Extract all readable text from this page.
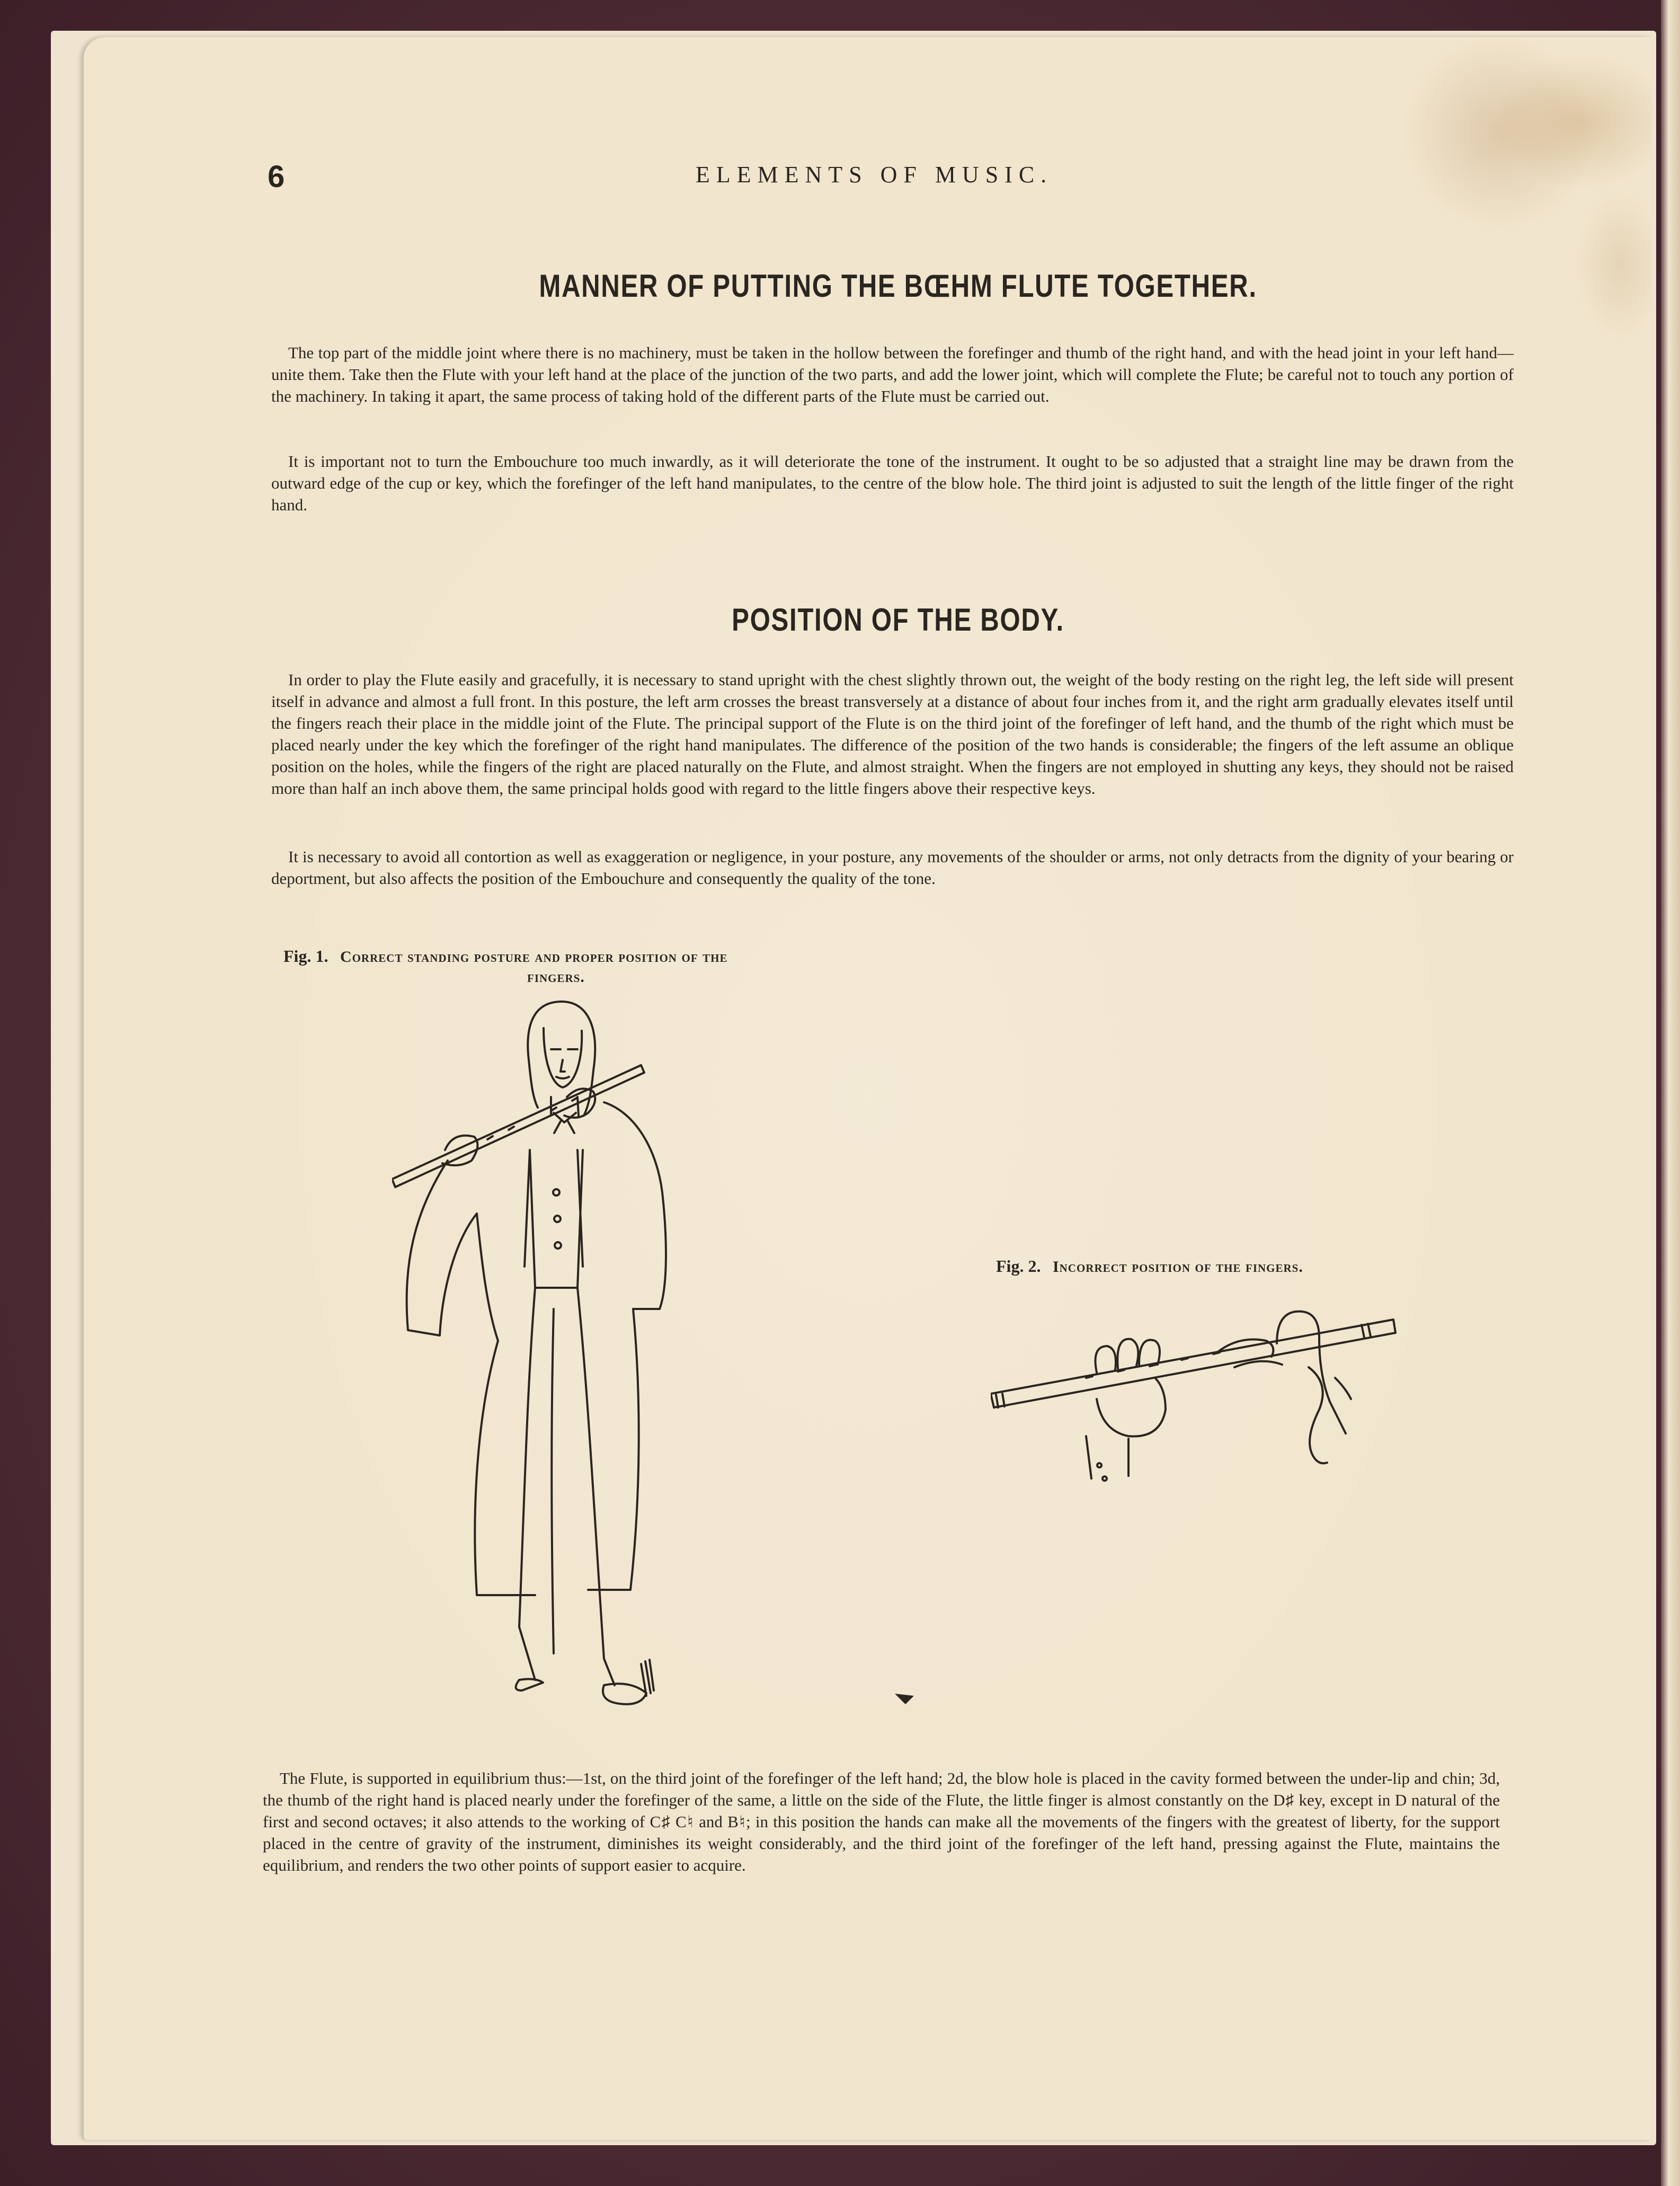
6	ELEMENTS OF MUSIC.
MANNER OF PUTTING THE BŒHM FLUTE TOGETHER.

The top part of the middle joint where there is no machinery, must be taken in the hollow between the forefinger and thumb of the right hand, and with the head joint in your left hand—unite them. Take then the Flute with your left hand at the place of the junction of the two parts, and add the lower joint, which will complete the Flute; be careful not to touch any portion of the machinery. In taking it apart, the same process of taking hold of the different parts of the Flute must be carried out.

It is important not to turn the Embouchure too much inwardly, as it will deteriorate the tone of the instrument. It ought to be so adjusted that a straight line may be drawn from the outward edge of the cup or key, which the forefinger of the left hand manipulates, to the centre of the blow hole. The third joint is adjusted to suit the length of the little finger of the right hand.

POSITION OF THE BODY.

In order to play the Flute easily and gracefully, it is necessary to stand upright with the chest slightly thrown out, the weight of the body resting on the right leg, the left side will present itself in advance and almost a full front. In this posture, the left arm crosses the breast transversely at a distance of about four inches from it, and the right arm gradually elevates itself until the fingers reach their place in the middle joint of the Flute. The principal support of the Flute is on the third joint of the forefinger of left hand, and the thumb of the right which must be placed nearly under the key which the forefinger of the right hand manipulates. The difference of the position of the two hands is considerable; the fingers of the left assume an oblique position on the holes, while the fingers of the right are placed naturally on the Flute, and almost straight. When the fingers are not employed in shutting any keys, they should not be raised more than half an inch above them, the same principal holds good with regard to the little fingers above their respective keys.

It is necessary to avoid all contortion as well as exaggeration or negligence, in your posture, any movements of the shoulder or arms, not only detracts from the dignity of your bearing or deportment, but also affects the position of the Embouchure and consequently the quality of the tone.

Fig. 1. Correct standing posture and proper position of the
fingers.
Fig. 2. Incorrect position of the fingers.

The Flute, is supported in equilibrium thus:—1st, on the third joint of the forefinger of the left hand; 2d, the blow hole is placed in the cavity formed between the under-lip and chin; 3d, the thumb of the right hand is placed nearly under the forefinger of the same, a little on the side of the Flute, the little finger is almost constantly on the D♯ key, except in D natural of the first and second octaves; it also attends to the working of C♯ C♮ and B♮; in this position the hands can make all the movements of the fingers with the greatest of liberty, for the support placed in the centre of gravity of the instrument, diminishes its weight considerably, and the third joint of the forefinger of the left hand, pressing against the Flute, maintains the equilibrium, and renders the two other points of support easier to acquire.
